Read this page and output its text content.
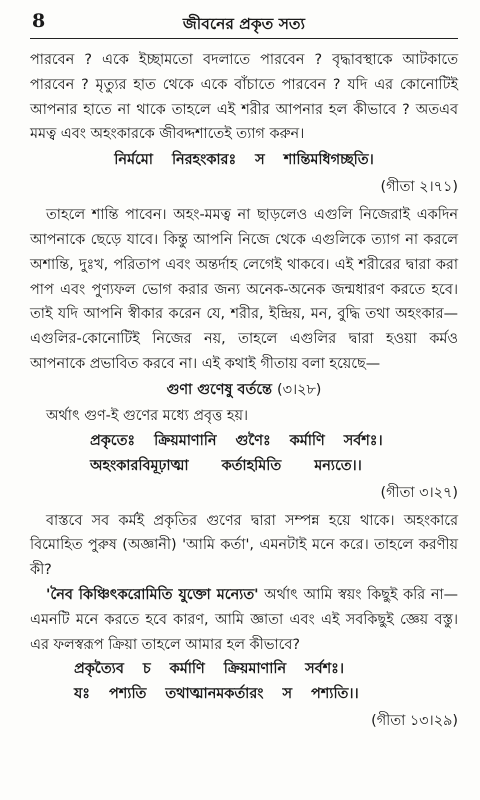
8	জীবনের প্রকৃত সত্য

পারবেন ? একে ইচ্ছামতো বদলাতে পারবেন ? বৃদ্ধাবস্থাকে আটকাতে পারবেন ? মৃত্যুর হাত থেকে একে বাঁচাতে পারবেন ? যদি এর কোনোটিই আপনার হাতে না থাকে তাহলে এই শরীর আপনার হল কীভাবে ? অতএব মমত্ব এবং অহংকারকে জীবদ্দশাতেই ত্যাগ করুন।

নির্মমো নিরহংকারঃ স শান্তিমধিগচ্ছতি।
(গীতা ২।৭১)

তাহলে শান্তি পাবেন। অহং-মমত্ব না ছাড়লেও এগুলি নিজেরাই একদিন আপনাকে ছেড়ে যাবে। কিন্তু আপনি নিজে থেকে এগুলিকে ত্যাগ না করলে অশান্তি, দুঃখ, পরিতাপ এবং অন্তর্দাহ লেগেই থাকবে। এই শরীরের দ্বারা করা পাপ এবং পুণ্যফল ভোগ করার জন্য অনেক-অনেক জন্মধারণ করতে হবে। তাই যদি আপনি স্বীকার করেন যে, শরীর, ইন্দ্রিয়, মন, বুদ্ধি তথা অহংকার—এগুলির-কোনোটিই নিজের নয়, তাহলে এগুলির দ্বারা হওয়া কর্মও আপনাকে প্রভাবিত করবে না। এই কথাই গীতায় বলা হয়েছে—

গুণা গুণেষু বর্তন্তে (৩।২৮)

অর্থাৎ গুণ-ই গুণের মধ্যে প্রবৃত্ত হয়।

প্রকৃতেঃ ক্রিয়মাণানি গুণৈঃ কর্মাণি সর্বশঃ।
অহংকারবিমূঢ়াত্মা কর্তাহমিতি মন্যতে।।
(গীতা ৩।২৭)

বাস্তবে সব কর্মই প্রকৃতির গুণের দ্বারা সম্পন্ন হয়ে থাকে। অহংকারে বিমোহিত পুরুষ (অজ্ঞানী) 'আমি কর্তা', এমনটাই মনে করে। তাহলে করণীয় কী?

'নৈব কিঞ্চিৎকরোমিতি যুক্তো মন্যেত' অর্থাৎ আমি স্বয়ং কিছুই করি না—এমনটি মনে করতে হবে কারণ, আমি জ্ঞাতা এবং এই সবকিছুই জ্ঞেয় বস্তু। এর ফলস্বরূপ ক্রিয়া তাহলে আমার হল কীভাবে?

প্রকৃত্যৈব চ কর্মাণি ক্রিয়মাণানি সর্বশঃ।
যঃ পশ্যতি তথাত্মানমকর্তারং স পশ্যতি।।
(গীতা ১৩।২৯)
